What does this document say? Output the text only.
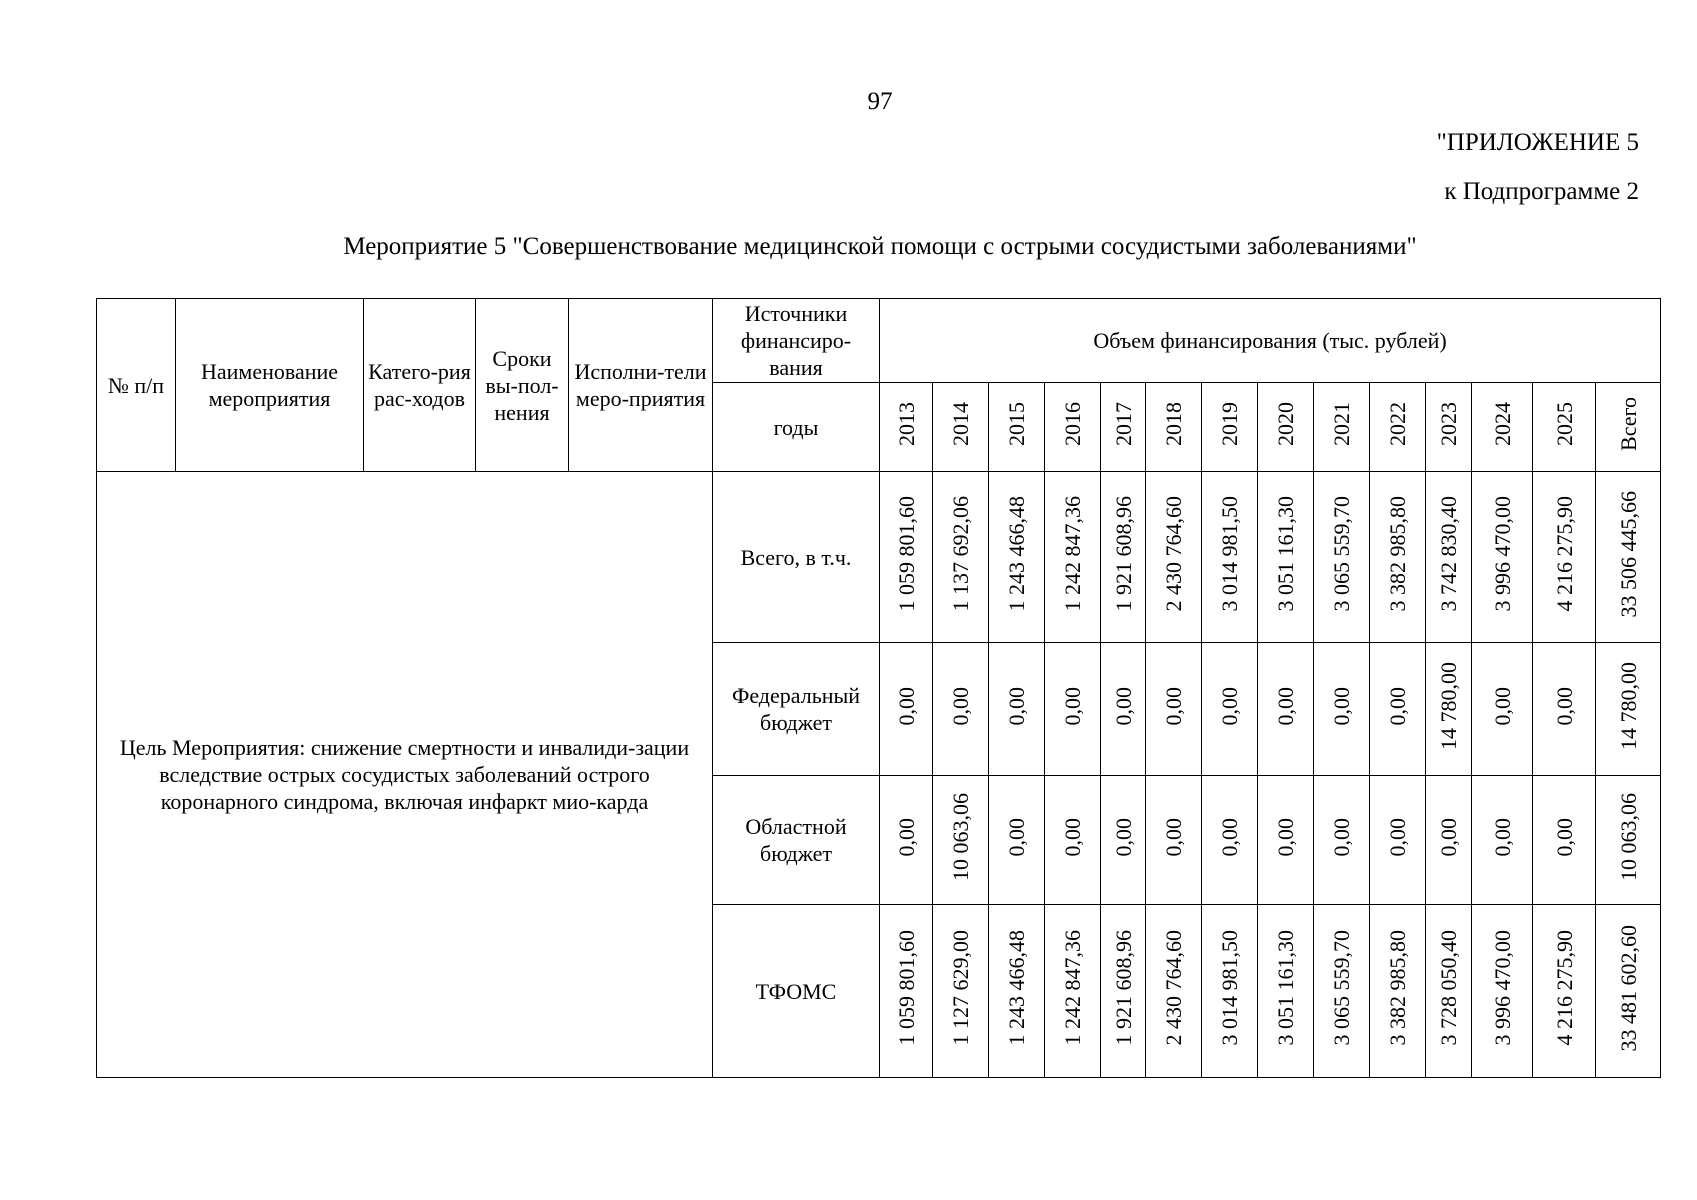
97
"ПРИЛОЖЕНИЕ 5
к Подпрограмме 2
Мероприятие 5 "Совершенствование медицинской помощи с острыми сосудистыми заболеваниями"
№ п/п	Наименование мероприятия	Катего-рия рас-ходов	Сроки вы-пол-нения	Исполни-тели меро-приятия	Источники финансиро-вания	Объем финансирования (тыс. рублей)													
					годы	2013	2014	2015	2016	2017	2018	2019	2020	2021	2022	2023	2024	2025	Всего
Цель Мероприятия: снижение смертности и инвалиди-зации вследствие острых сосудистых заболеваний острого коронарного синдрома, включая инфаркт мио-карда					Всего, в т.ч.	1 059 801,60	1 137 692,06	1 243 466,48	1 242 847,36	1 921 608,96	2 430 764,60	3 014 981,50	3 051 161,30	3 065 559,70	3 382 985,80	3 742 830,40	3 996 470,00	4 216 275,90	33 506 445,66
					Федеральный бюджет	0,00	0,00	0,00	0,00	0,00	0,00	0,00	0,00	0,00	0,00	14 780,00	0,00	0,00	14 780,00
					Областной бюджет	0,00	10 063,06	0,00	0,00	0,00	0,00	0,00	0,00	0,00	0,00	0,00	0,00	0,00	10 063,06
					ТФОМС	1 059 801,60	1 127 629,00	1 243 466,48	1 242 847,36	1 921 608,96	2 430 764,60	3 014 981,50	3 051 161,30	3 065 559,70	3 382 985,80	3 728 050,40	3 996 470,00	4 216 275,90	33 481 602,60
